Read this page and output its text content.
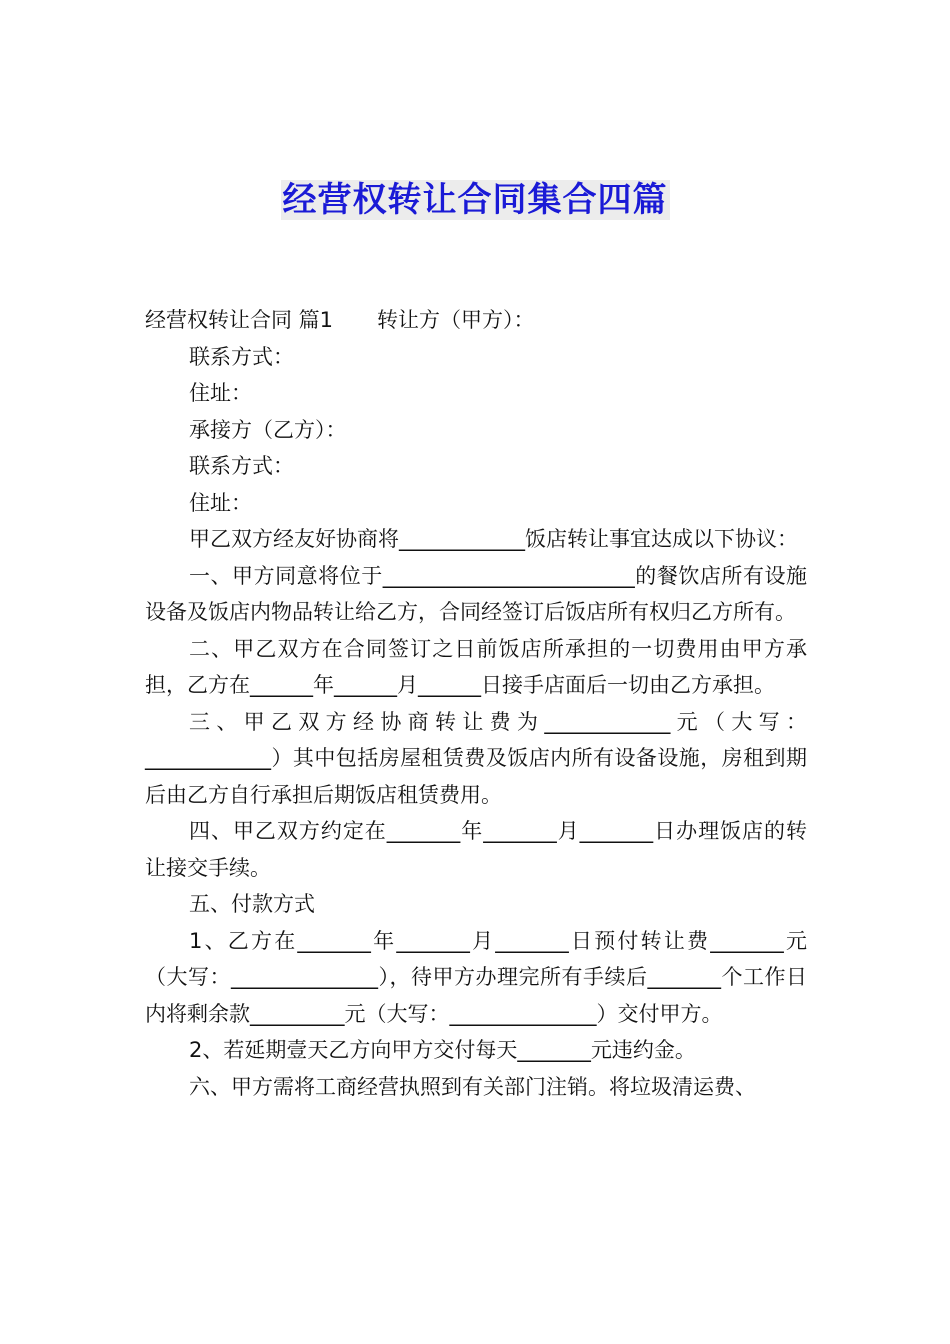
经营权转让合同集合四篇

经营权转让合同 篇1 转让方（甲方）：

联系方式：

住址：

承接方（乙方）：

联系方式：

住址：

甲乙双方经友好协商将____________饭店转让事宜达成以下协议：

一、甲方同意将位于________________________的餐饮店所有设施设备及饭店内物品转让给乙方，合同经签订后饭店所有权归乙方所有。

二、甲乙双方在合同签订之日前饭店所承担的一切费用由甲方承担，乙方在______年______月______日接手店面后一切由乙方承担。

三、甲乙双方经协商转让费为____________元（大写：____________）其中包括房屋租赁费及饭店内所有设备设施，房租到期后由乙方自行承担后期饭店租赁费用。

四、甲乙双方约定在_______年_______月_______日办理饭店的转让接交手续。

五、付款方式

1、乙方在_______年_______月_______日预付转让费_______元（大写：______________），待甲方办理完所有手续后_______个工作日内将剩余款_________元（大写：______________）交付甲方。

2、若延期壹天乙方向甲方交付每天_______元违约金。

六、甲方需将工商经营执照到有关部门注销。将垃圾清运费、
